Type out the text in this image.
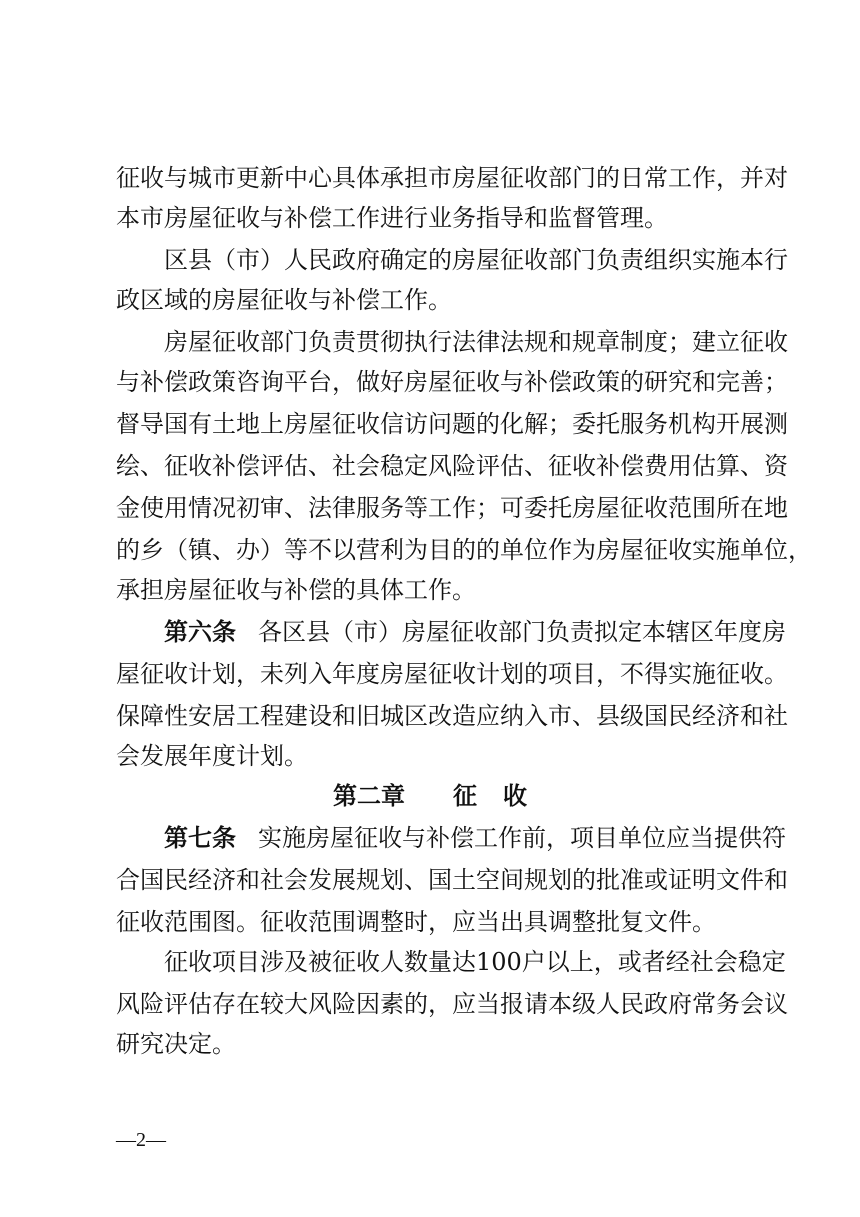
征收与城市更新中心具体承担市房屋征收部门的日常工作，并对
本市房屋征收与补偿工作进行业务指导和监督管理。
区县（市）人民政府确定的房屋征收部门负责组织实施本行
政区域的房屋征收与补偿工作。
房屋征收部门负责贯彻执行法律法规和规章制度；建立征收
与补偿政策咨询平台，做好房屋征收与补偿政策的研究和完善；
督导国有土地上房屋征收信访问题的化解；委托服务机构开展测
绘、征收补偿评估、社会稳定风险评估、征收补偿费用估算、资
金使用情况初审、法律服务等工作；可委托房屋征收范围所在地
的乡（镇、办）等不以营利为目的的单位作为房屋征收实施单位，
承担房屋征收与补偿的具体工作。
第六条 各区县（市）房屋征收部门负责拟定本辖区年度房
屋征收计划，未列入年度房屋征收计划的项目，不得实施征收。
保障性安居工程建设和旧城区改造应纳入市、县级国民经济和社
会发展年度计划。
第二章 征 收
第七条 实施房屋征收与补偿工作前，项目单位应当提供符
合国民经济和社会发展规划、国土空间规划的批准或证明文件和
征收范围图。征收范围调整时，应当出具调整批复文件。
征收项目涉及被征收人数量达100户以上，或者经社会稳定
风险评估存在较大风险因素的，应当报请本级人民政府常务会议
研究决定。
—2—
